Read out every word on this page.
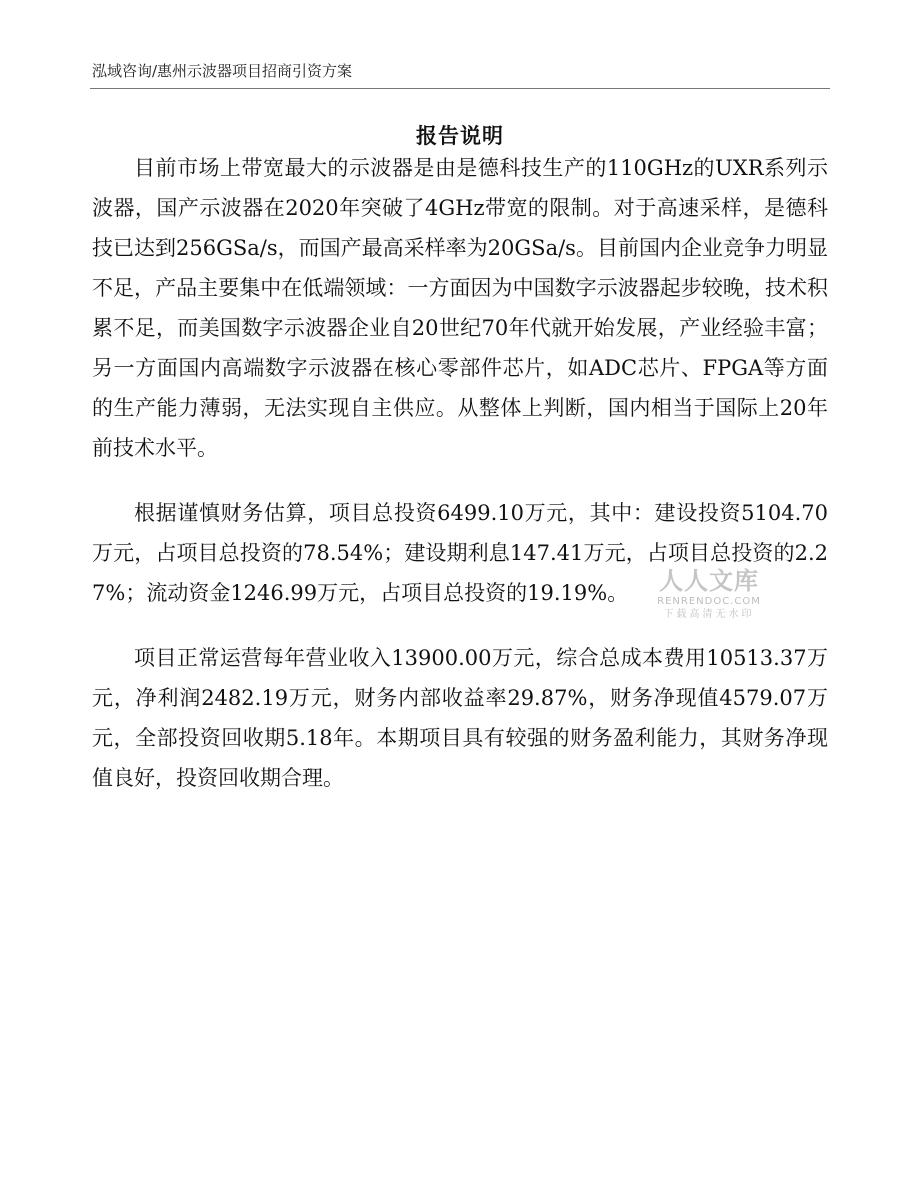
泓域咨询/惠州示波器项目招商引资方案
报告说明

目前市场上带宽最大的示波器是由是德科技生产的110GHz的UXR系列示波器，国产示波器在2020年突破了4GHz带宽的限制。对于高速采样，是德科技已达到256GSa/s，而国产最高采样率为20GSa/s。目前国内企业竞争力明显不足，产品主要集中在低端领域：一方面因为中国数字示波器起步较晚，技术积累不足，而美国数字示波器企业自20世纪70年代就开始发展，产业经验丰富；另一方面国内高端数字示波器在核心零部件芯片，如ADC芯片、FPGA等方面的生产能力薄弱，无法实现自主供应。从整体上判断，国内相当于国际上20年前技术水平。

根据谨慎财务估算，项目总投资6499.10万元，其中：建设投资5104.70万元，占项目总投资的78.54%；建设期利息147.41万元，占项目总投资的2.27%；流动资金1246.99万元，占项目总投资的19.19%。

项目正常运营每年营业收入13900.00万元，综合总成本费用10513.37万元，净利润2482.19万元，财务内部收益率29.87%，财务净现值4579.07万元，全部投资回收期5.18年。本期项目具有较强的财务盈利能力，其财务净现值良好，投资回收期合理。

人人文库
RENRENDOC.COM
下载高清无水印
